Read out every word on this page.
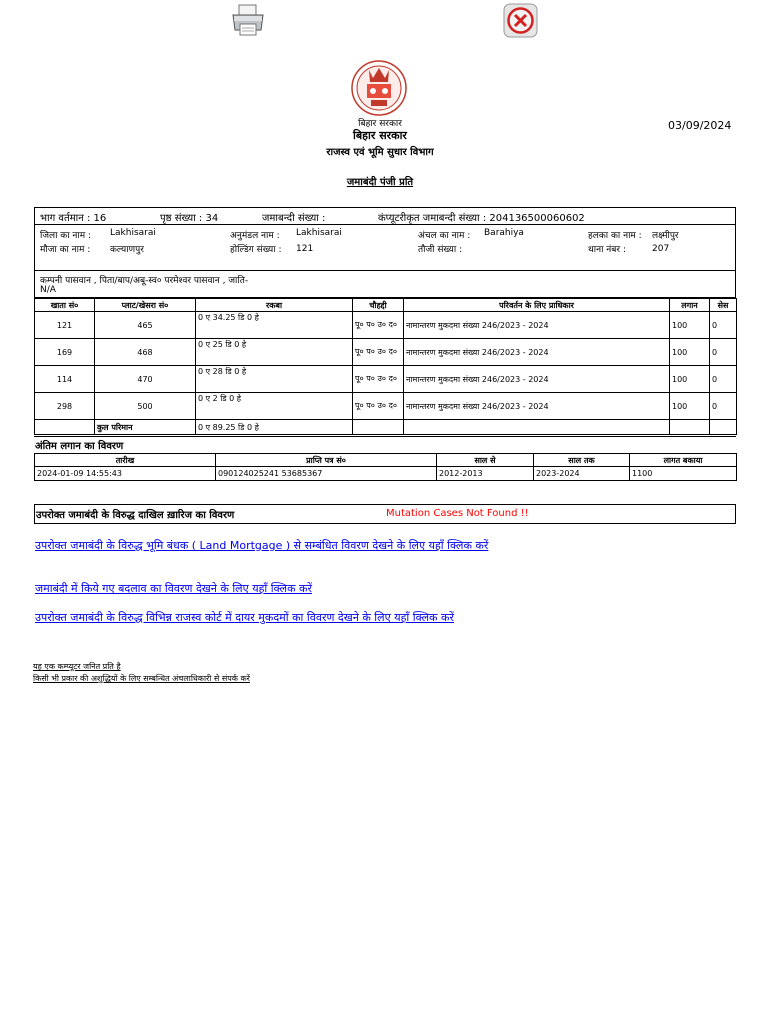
बिहार सरकार
बिहार सरकार
राजस्व एवं भूमि सुधार विभाग
03/09/2024
जमाबंदी पंजी प्रति
भाग वर्तमान : 16	पृष्ठ संख्या : 34	जमाबन्दी संख्या :	कंप्यूटरीकृत जमाबन्दी संख्या : 204136500060602
जिला का नाम : Lakhisarai	अनुमंडल नाम : Lakhisarai	अंचल का नाम : Barahiya	हलका का नाम : लक्ष्मीपुर
मौजा का नाम : कल्याणपुर	होल्डिंग संख्या : 121	तौजी संख्या :	थाना नंबर :	207
कम्पनी पासवान , पिता/बाप/अबू-स्व० परमेश्वर पासवान , जाति-
N/A
खाता सं०	प्लाट/खेसरा सं०	रकबा	चौहद्दी	परिवर्तन के लिए प्राधिकार	लगान	सेस
121	465	0 ए 34.25 डि 0 हे	पू० प० उ० द०	नामान्तरण मुकदमा संख्या 246/2023 - 2024	100	0
169	468	0 ए 25 डि 0 हे	पू० प० उ० द०	नामान्तरण मुकदमा संख्या 246/2023 - 2024	100	0
114	470	0 ए 28 डि 0 हे	पू० प० उ० द०	नामान्तरण मुकदमा संख्या 246/2023 - 2024	100	0
298	500	0 ए 2 डि 0 हे	पू० प० उ० द०	नामान्तरण मुकदमा संख्या 246/2023 - 2024	100	0
	कुल परिमान	0 ए 89.25 डि 0 हे				
अंतिम लगान का विवरण
तारीख	प्राप्ति पत्र सं०	साल से	साल तक	लागत बकाया
2024-01-09 14:55:43	090124025241 53685367	2012-2013	2023-2024	1100
उपरोक्त जमाबंदी के विरुद्ध दाखिल ख़ारिज का विवरण	Mutation Cases Not Found !!
उपरोक्त जमाबंदी के विरुद्ध भूमि बंधक ( Land Mortgage ) से सम्बंधित विवरण देखने के लिए यहाँ क्लिक करें
जमाबंदी में किये गए बदलाव का विवरण देखने के लिए यहाँ क्लिक करें
उपरोक्त जमाबंदी के विरुद्ध विभिन्न राजस्व कोर्ट में दायर मुकदमों का विवरण देखने के लिए यहाँ क्लिक करें
यह एक कम्प्यूटर जनित प्रति है
किसी भी प्रकार की अशुद्धियों के लिए सम्बन्धित अंचलाधिकारी से संपर्क करें
